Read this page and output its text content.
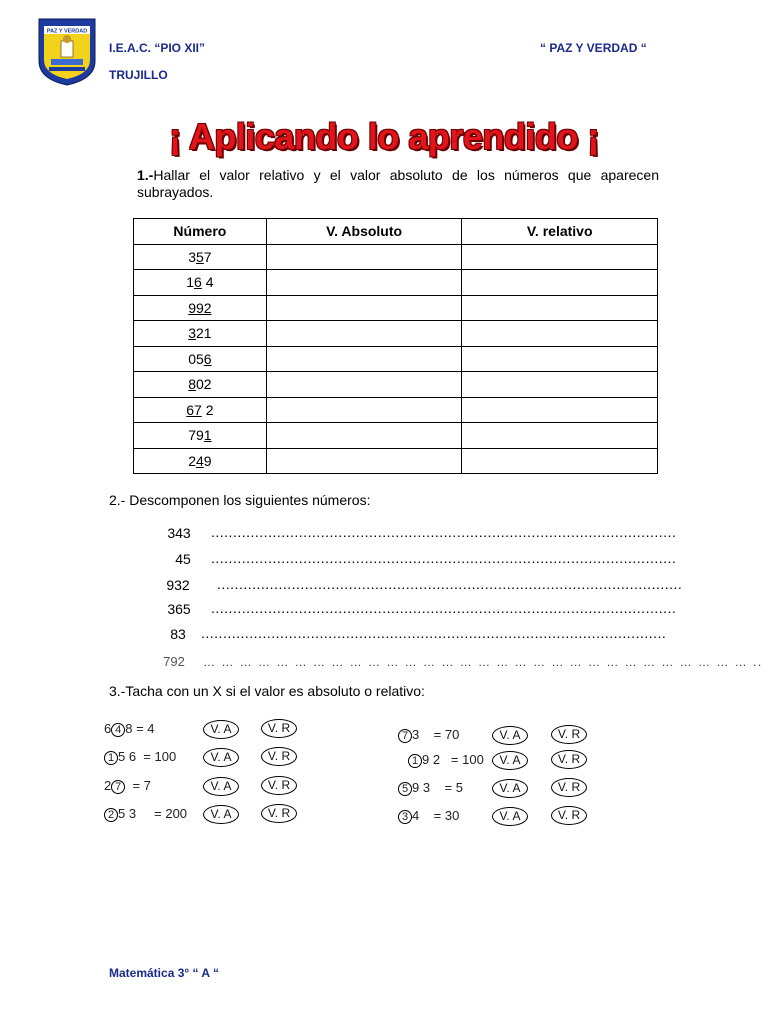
PAZ Y VERDAD
I.E.A.C. “PIO XII”
TRUJILLO
“ PAZ Y VERDAD “
¡ Aplicando lo aprendido ¡
1.-Hallar el valor relativo y el valor absoluto de los números que aparecen subrayados.
Número	V. Absoluto	V. relativo
357		
16 4		
992		
321		
056		
802		
67 2		
791		
249		
2.- Descomponen los siguientes números:
343	..........................................................................................................
45	..........................................................................................................
932	..........................................................................................................
365	..........................................................................................................
83	..........................................................................................................
792	… … … … … … … … … … … … … … … … … … … … … … … … … … … … … … ..
3.-Tacha con un X si el valor es absoluto o relativo:
6 4 8 = 4	V. A	V. R
1 5 6  = 100	V. A	V. R
2 7  = 7	V. A	V. R
2 5 3     = 200	V. A	V. R
7 3    = 70	V. A	V. R
1 9 2   = 100	V. A	V. R
5 9 3    = 5	V. A	V. R
3 4    = 30	V. A	V. R
Matemática 3° “ A “
